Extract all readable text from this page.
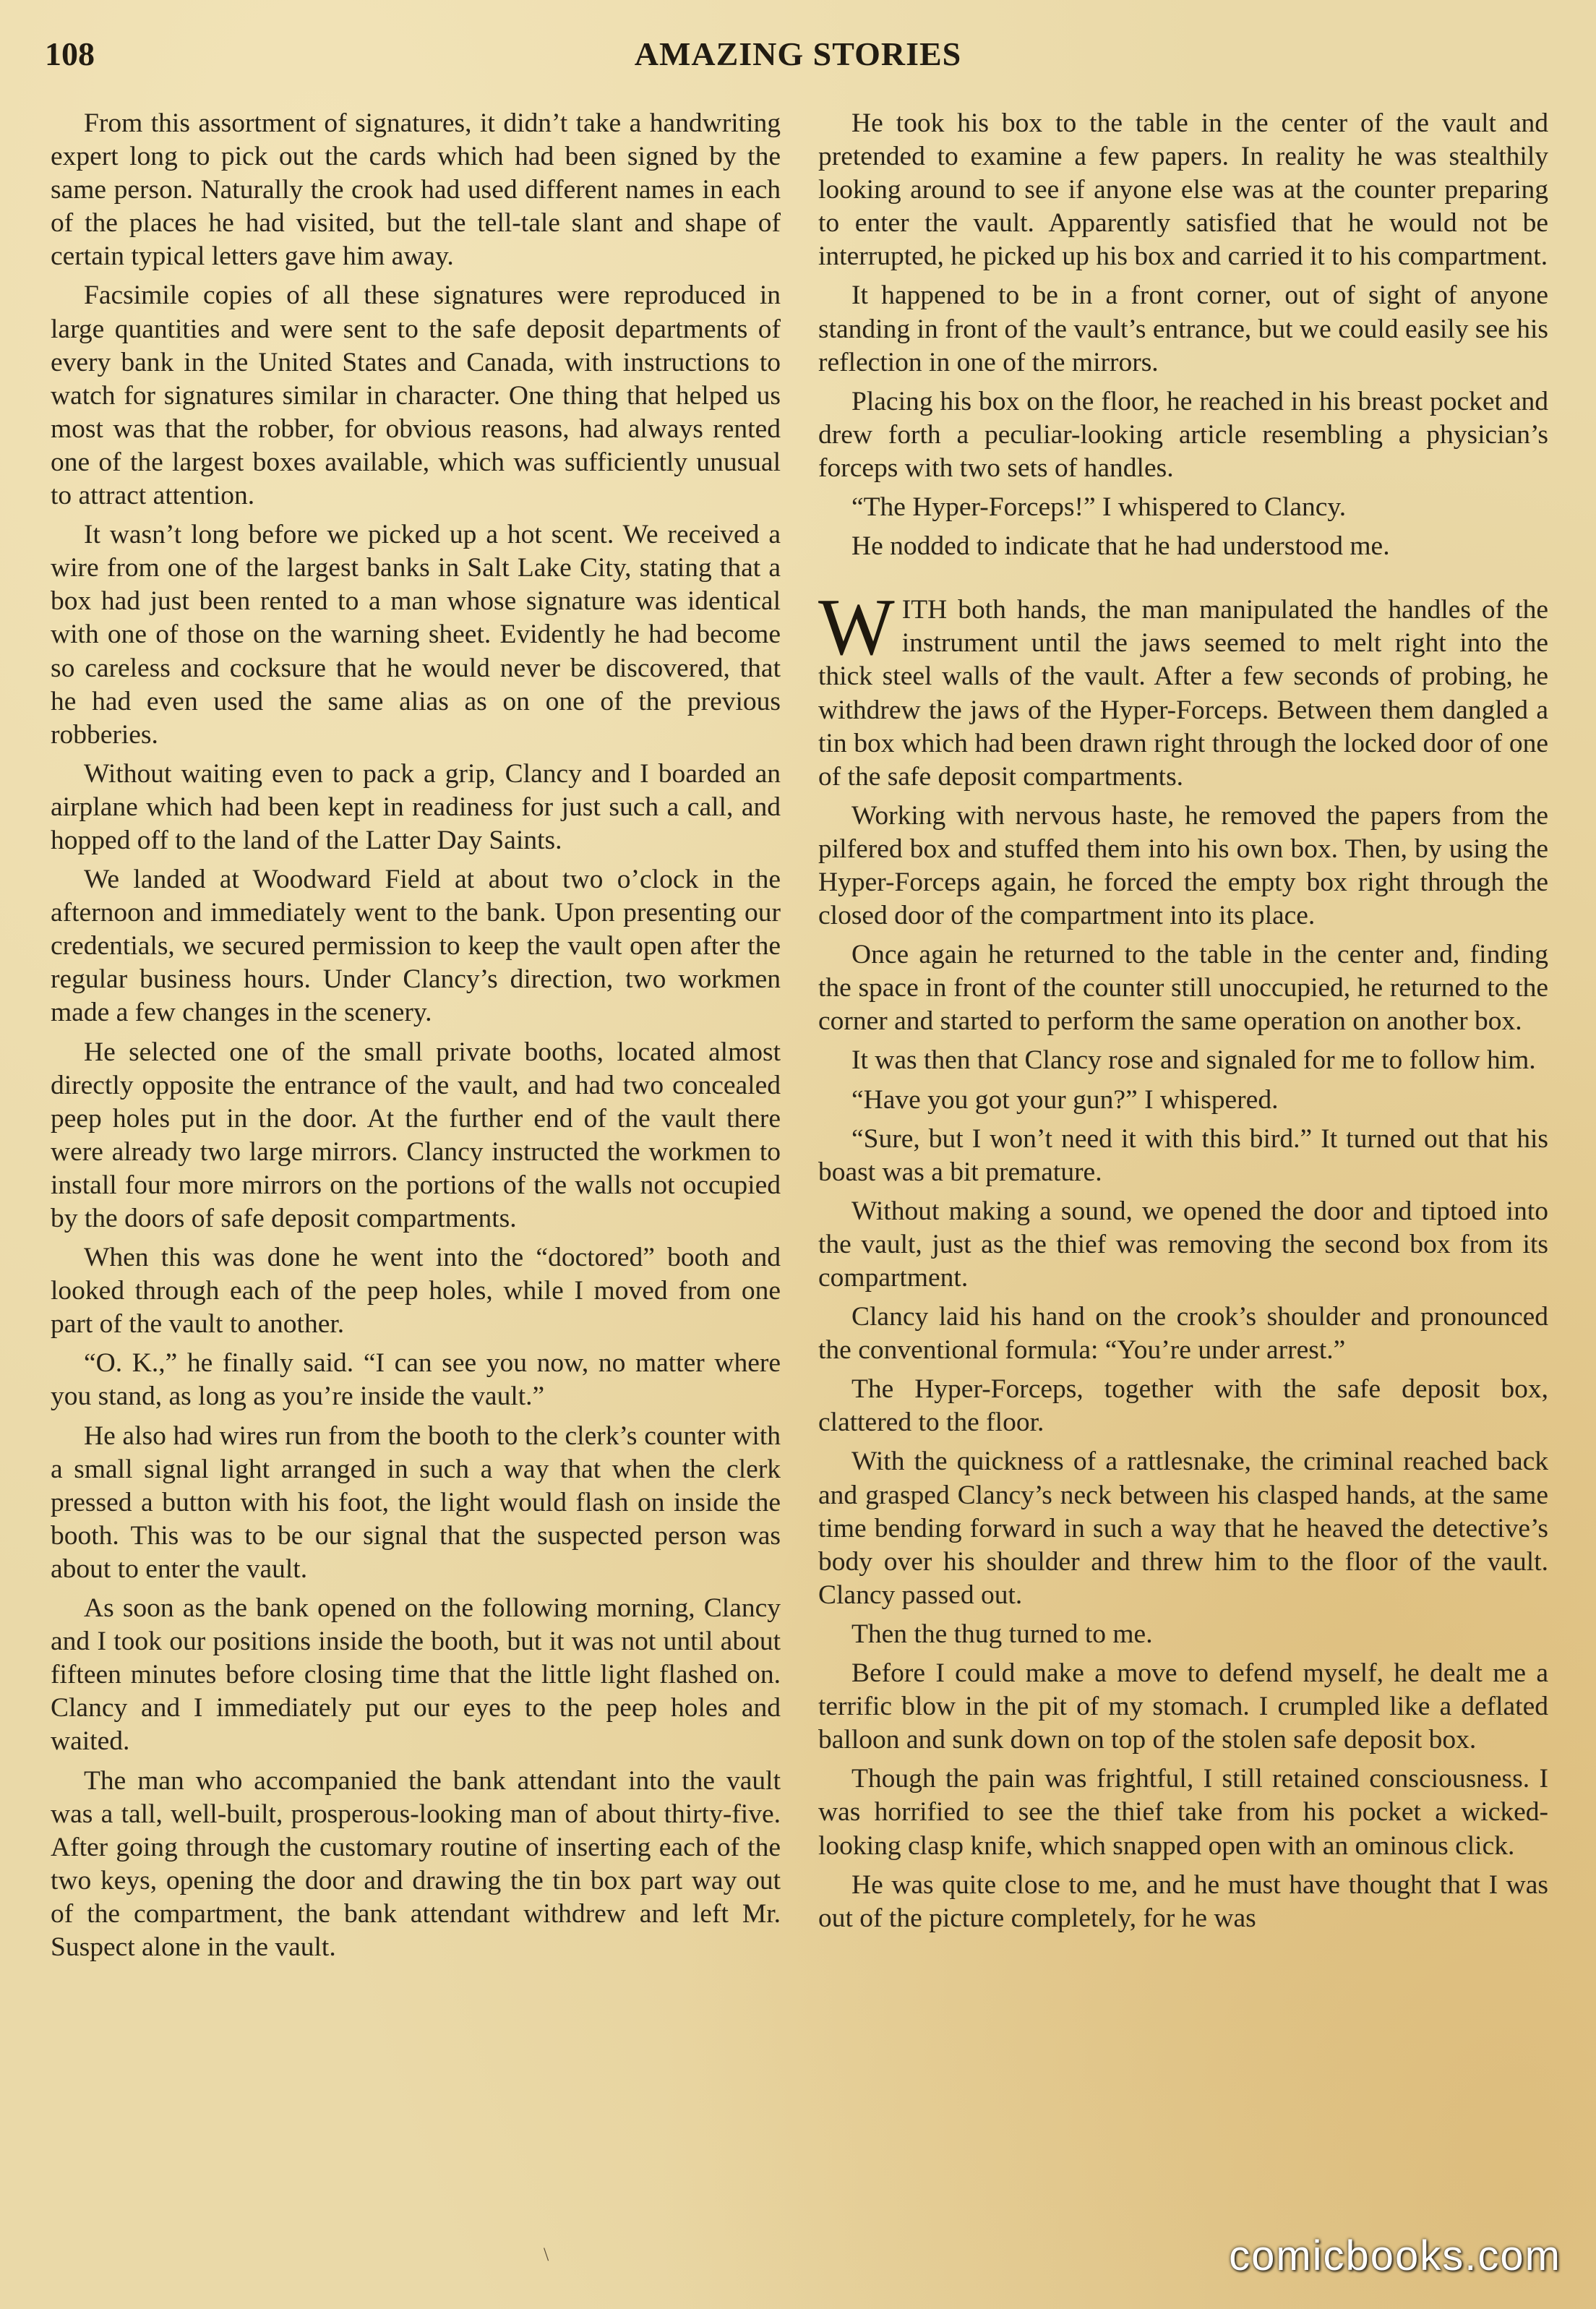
108	AMAZING STORIES

From this assortment of signatures, it didn’t take a handwriting expert long to pick out the cards which had been signed by the same person. Naturally the crook had used different names in each of the places he had visited, but the tell-tale slant and shape of certain typical letters gave him away.

Facsimile copies of all these signatures were reproduced in large quantities and were sent to the safe deposit departments of every bank in the United States and Canada, with instructions to watch for signatures similar in character. One thing that helped us most was that the robber, for obvious reasons, had always rented one of the largest boxes available, which was sufficiently unusual to attract attention.

It wasn’t long before we picked up a hot scent. We received a wire from one of the largest banks in Salt Lake City, stating that a box had just been rented to a man whose signature was identical with one of those on the warning sheet. Evidently he had become so careless and cocksure that he would never be discovered, that he had even used the same alias as on one of the previous robberies.

Without waiting even to pack a grip, Clancy and I boarded an airplane which had been kept in readiness for just such a call, and hopped off to the land of the Latter Day Saints.

We landed at Woodward Field at about two o’clock in the afternoon and immediately went to the bank. Upon presenting our credentials, we secured permission to keep the vault open after the regular business hours. Under Clancy’s direction, two workmen made a few changes in the scenery.

He selected one of the small private booths, located almost directly opposite the entrance of the vault, and had two concealed peep holes put in the door. At the further end of the vault there were already two large mirrors. Clancy instructed the workmen to install four more mirrors on the portions of the walls not occupied by the doors of safe deposit compartments.

When this was done he went into the “doctored” booth and looked through each of the peep holes, while I moved from one part of the vault to another.

“O. K.,” he finally said. “I can see you now, no matter where you stand, as long as you’re inside the vault.”

He also had wires run from the booth to the clerk’s counter with a small signal light arranged in such a way that when the clerk pressed a button with his foot, the light would flash on inside the booth. This was to be our signal that the suspected person was about to enter the vault.

As soon as the bank opened on the following morning, Clancy and I took our positions inside the booth, but it was not until about fifteen minutes before closing time that the little light flashed on. Clancy and I immediately put our eyes to the peep holes and waited.

The man who accompanied the bank attendant into the vault was a tall, well-built, prosperous-looking man of about thirty-five. After going through the customary routine of inserting each of the two keys, opening the door and drawing the tin box part way out of the compartment, the bank attendant withdrew and left Mr. Suspect alone in the vault.

He took his box to the table in the center of the vault and pretended to examine a few papers. In reality he was stealthily looking around to see if anyone else was at the counter preparing to enter the vault. Apparently satisfied that he would not be interrupted, he picked up his box and carried it to his compartment.

It happened to be in a front corner, out of sight of anyone standing in front of the vault’s entrance, but we could easily see his reflection in one of the mirrors.

Placing his box on the floor, he reached in his breast pocket and drew forth a peculiar-looking article resembling a physician’s forceps with two sets of handles.

“The Hyper-Forceps!” I whispered to Clancy.

He nodded to indicate that he had understood me.

WITH both hands, the man manipulated the handles of the instrument until the jaws seemed to melt right into the thick steel walls of the vault. After a few seconds of probing, he withdrew the jaws of the Hyper-Forceps. Between them dangled a tin box which had been drawn right through the locked door of one of the safe deposit compartments.

Working with nervous haste, he removed the papers from the pilfered box and stuffed them into his own box. Then, by using the Hyper-Forceps again, he forced the empty box right through the closed door of the compartment into its place.

Once again he returned to the table in the center and, finding the space in front of the counter still unoccupied, he returned to the corner and started to perform the same operation on another box.

It was then that Clancy rose and signaled for me to follow him.

“Have you got your gun?” I whispered.

“Sure, but I won’t need it with this bird.” It turned out that his boast was a bit premature.

Without making a sound, we opened the door and tiptoed into the vault, just as the thief was removing the second box from its compartment.

Clancy laid his hand on the crook’s shoulder and pronounced the conventional formula: “You’re under arrest.”

The Hyper-Forceps, together with the safe deposit box, clattered to the floor.

With the quickness of a rattlesnake, the criminal reached back and grasped Clancy’s neck between his clasped hands, at the same time bending forward in such a way that he heaved the detective’s body over his shoulder and threw him to the floor of the vault. Clancy passed out.

Then the thug turned to me.

Before I could make a move to defend myself, he dealt me a terrific blow in the pit of my stomach. I crumpled like a deflated balloon and sunk down on top of the stolen safe deposit box.

Though the pain was frightful, I still retained consciousness. I was horrified to see the thief take from his pocket a wicked-looking clasp knife, which snapped open with an ominous click.

He was quite close to me, and he must have thought that I was out of the picture completely, for he was

\	comicbooks.com
